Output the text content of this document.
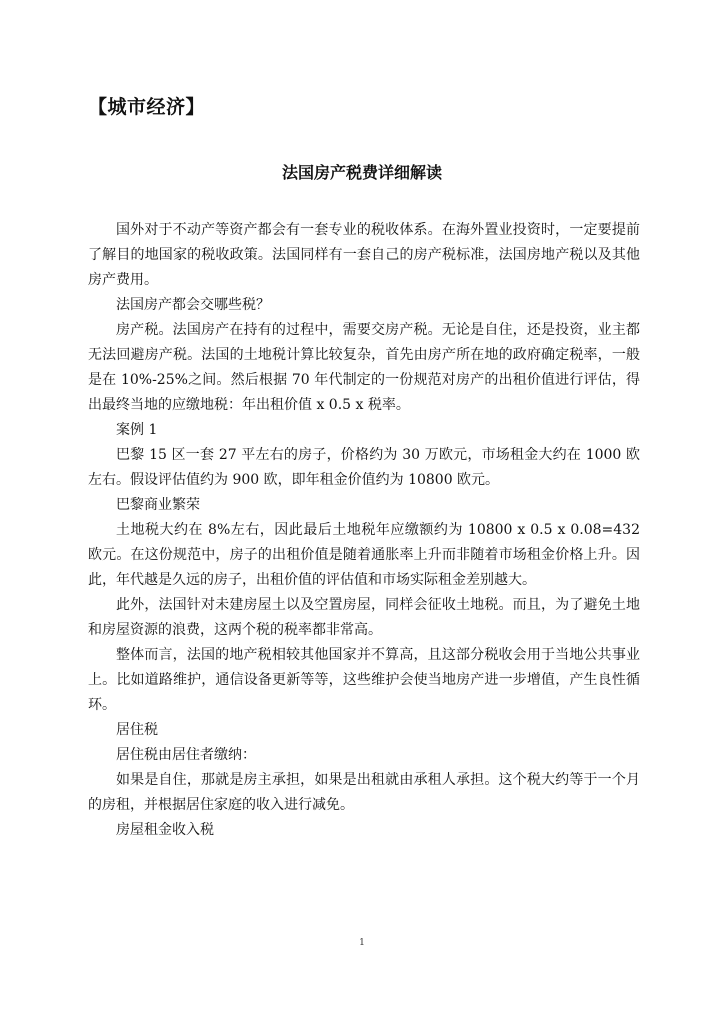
【城市经济】
法国房产税费详细解读

国外对于不动产等资产都会有一套专业的税收体系。在海外置业投资时，一定要提前了解目的地国家的税收政策。法国同样有一套自己的房产税标准，法国房地产税以及其他房产费用。

法国房产都会交哪些税？

房产税。法国房产在持有的过程中，需要交房产税。无论是自住，还是投资，业主都无法回避房产税。法国的土地税计算比较复杂，首先由房产所在地的政府确定税率，一般是在 10%-25%之间。然后根据 70 年代制定的一份规范对房产的出租价值进行评估，得出最终当地的应缴地税：年出租价值 x 0.5 x 税率。

案例 1

巴黎 15 区一套 27 平左右的房子，价格约为 30 万欧元，市场租金大约在 1000 欧左右。假设评估值约为 900 欧，即年租金价值约为 10800 欧元。

巴黎商业繁荣

土地税大约在 8%左右，因此最后土地税年应缴额约为 10800 x 0.5 x 0.08=432 欧元。在这份规范中，房子的出租价值是随着通胀率上升而非随着市场租金价格上升。因此，年代越是久远的房子，出租价值的评估值和市场实际租金差别越大。

此外，法国针对未建房屋土以及空置房屋，同样会征收土地税。而且，为了避免土地和房屋资源的浪费，这两个税的税率都非常高。

整体而言，法国的地产税相较其他国家并不算高，且这部分税收会用于当地公共事业上。比如道路维护，通信设备更新等等，这些维护会使当地房产进一步增值，产生良性循环。

居住税

居住税由居住者缴纳：

如果是自住，那就是房主承担，如果是出租就由承租人承担。这个税大约等于一个月的房租，并根据居住家庭的收入进行减免。

房屋租金收入税

1
